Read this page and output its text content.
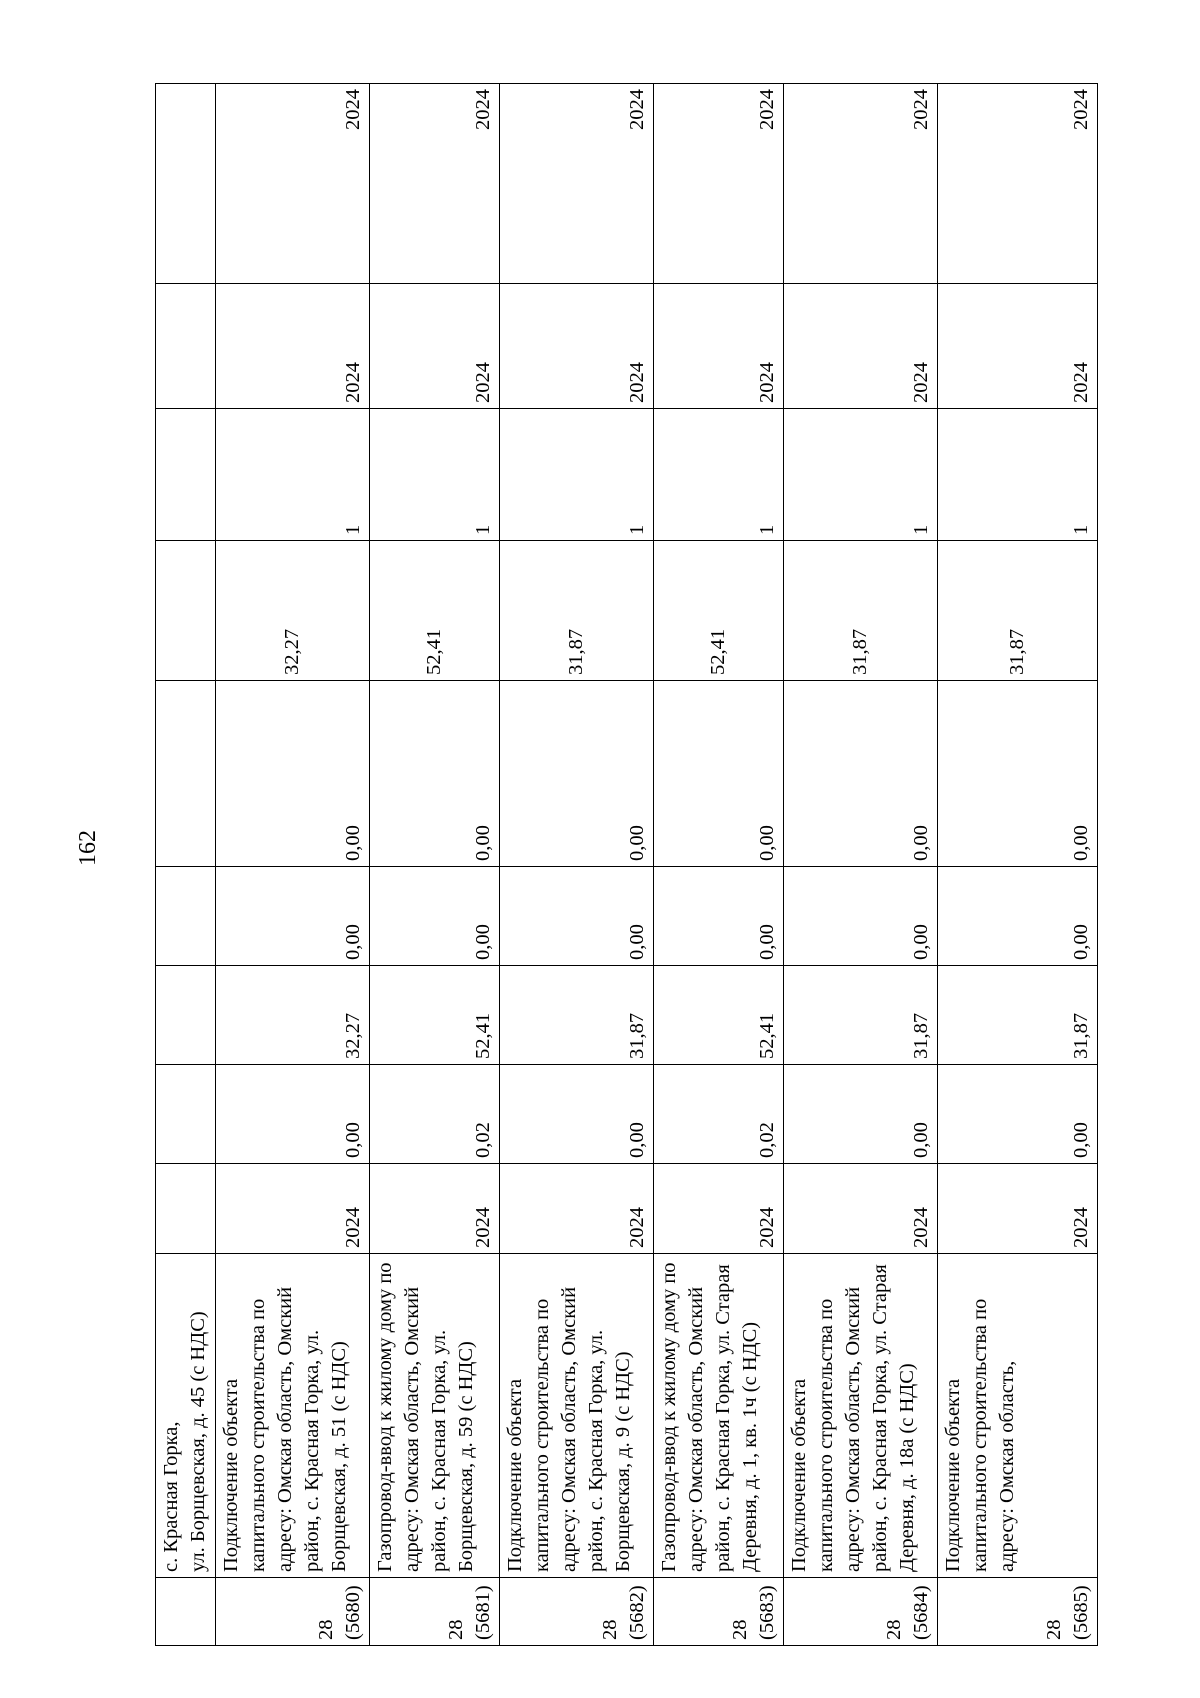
162
	с. Красная Горка, ул. Борщевская, д. 45 (с НДС)									
28 (5680)	Подключение объекта капитального строительства по адресу: Омская область, Омский район, с. Красная Горка, ул. Борщевская, д. 51 (с НДС)	2024	0,00	32,27	0,00	0,00	32,27	1	2024	2024
28 (5681)	Газопровод-ввод к жилому дому по адресу: Омская область, Омский район, с. Красная Горка, ул. Борщевская, д. 59 (с НДС)	2024	0,02	52,41	0,00	0,00	52,41	1	2024	2024
28 (5682)	Подключение объекта капитального строительства по адресу: Омская область, Омский район, с. Красная Горка, ул. Борщевская, д. 9 (с НДС)	2024	0,00	31,87	0,00	0,00	31,87	1	2024	2024
28 (5683)	Газопровод-ввод к жилому дому по адресу: Омская область, Омский район, с. Красная Горка, ул. Старая Деревня, д. 1, кв. 1ч (с НДС)	2024	0,02	52,41	0,00	0,00	52,41	1	2024	2024
28 (5684)	Подключение объекта капитального строительства по адресу: Омская область, Омский район, с. Красная Горка, ул. Старая Деревня, д. 18а (с НДС)	2024	0,00	31,87	0,00	0,00	31,87	1	2024	2024
28 (5685)	Подключение объекта капитального строительства по адресу: Омская область,	2024	0,00	31,87	0,00	0,00	31,87	1	2024	2024
